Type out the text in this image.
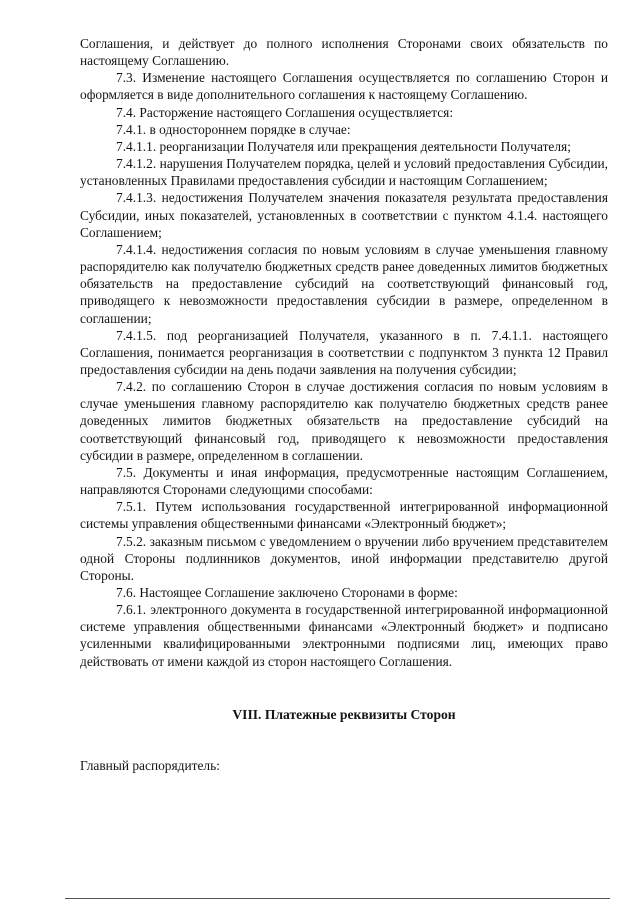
Соглашения, и действует до полного исполнения Сторонами своих обязательств по настоящему Соглашению.

7.3. Изменение настоящего Соглашения осуществляется по соглашению Сторон и оформляется в виде дополнительного соглашения к настоящему Соглашению.

7.4. Расторжение настоящего Соглашения осуществляется:

7.4.1. в одностороннем порядке в случае:

7.4.1.1. реорганизации Получателя или прекращения деятельности Получателя;

7.4.1.2. нарушения Получателем порядка, целей и условий предоставления Субсидии, установленных Правилами предоставления субсидии и настоящим Соглашением;

7.4.1.3. недостижения Получателем значения показателя результата предоставления Субсидии, иных показателей, установленных в соответствии с пунктом 4.1.4. настоящего Соглашением;

7.4.1.4. недостижения согласия по новым условиям в случае уменьшения главному распорядителю как получателю бюджетных средств ранее доведенных лимитов бюджетных обязательств на предоставление субсидий на соответствующий финансовый год, приводящего к невозможности предоставления субсидии в размере, определенном в соглашении;

7.4.1.5. под реорганизацией Получателя, указанного в п. 7.4.1.1. настоящего Соглашения, понимается реорганизация в соответствии с подпунктом 3 пункта 12 Правил предоставления субсидии на день подачи заявления на получения субсидии;

7.4.2. по соглашению Сторон в случае достижения согласия по новым условиям в случае уменьшения главному распорядителю как получателю бюджетных средств ранее доведенных лимитов бюджетных обязательств на предоставление субсидий на соответствующий финансовый год, приводящего к невозможности предоставления субсидии в размере, определенном в соглашении.

7.5. Документы и иная информация, предусмотренные настоящим Соглашением, направляются Сторонами следующими способами:

7.5.1. Путем использования государственной интегрированной информационной системы управления общественными финансами «Электронный бюджет»;

7.5.2. заказным письмом с уведомлением о вручении либо вручением представителем одной Стороны подлинников документов, иной информации представителю другой Стороны.

7.6. Настоящее Соглашение заключено Сторонами в форме:

7.6.1. электронного документа в государственной интегрированной информационной системе управления общественными финансами «Электронный бюджет» и подписано усиленными квалифицированными электронными подписями лиц, имеющих право действовать от имени каждой из сторон настоящего Соглашения.

VIII. Платежные реквизиты Сторон
Главный распорядитель:
